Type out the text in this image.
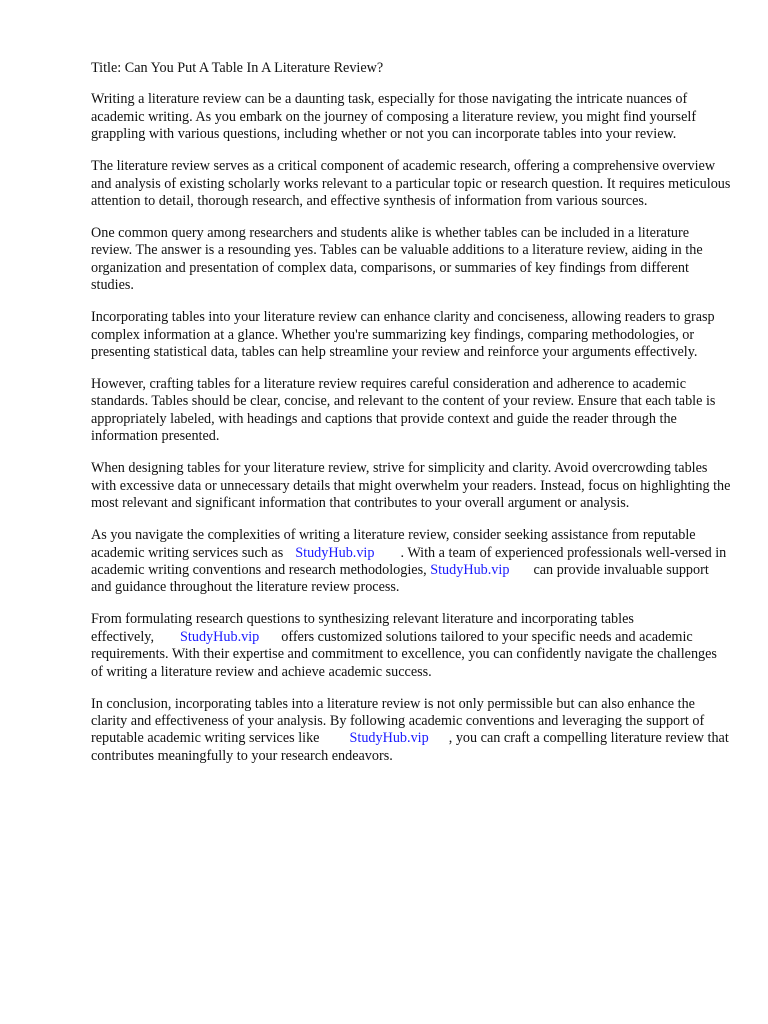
Title: Can You Put A Table In A Literature Review?

Writing a literature review can be a daunting task, especially for those navigating the intricate nuances of academic writing. As you embark on the journey of composing a literature review, you might find yourself grappling with various questions, including whether or not you can incorporate tables into your review.

The literature review serves as a critical component of academic research, offering a comprehensive overview and analysis of existing scholarly works relevant to a particular topic or research question. It requires meticulous attention to detail, thorough research, and effective synthesis of information from various sources.

One common query among researchers and students alike is whether tables can be included in a literature review. The answer is a resounding yes. Tables can be valuable additions to a literature review, aiding in the organization and presentation of complex data, comparisons, or summaries of key findings from different studies.

Incorporating tables into your literature review can enhance clarity and conciseness, allowing readers to grasp complex information at a glance. Whether you're summarizing key findings, comparing methodologies, or presenting statistical data, tables can help streamline your review and reinforce your arguments effectively.

However, crafting tables for a literature review requires careful consideration and adherence to academic standards. Tables should be clear, concise, and relevant to the content of your review. Ensure that each table is appropriately labeled, with headings and captions that provide context and guide the reader through the information presented.

When designing tables for your literature review, strive for simplicity and clarity. Avoid overcrowding tables with excessive data or unnecessary details that might overwhelm your readers. Instead, focus on highlighting the most relevant and significant information that contributes to your overall argument or analysis.

As you navigate the complexities of writing a literature review, consider seeking assistance from reputable academic writing services such as StudyHub.vip . With a team of experienced professionals well-versed in academic writing conventions and research methodologies, StudyHub.vip can provide invaluable support and guidance throughout the literature review process.

From formulating research questions to synthesizing relevant literature and incorporating tables effectively, StudyHub.vip offers customized solutions tailored to your specific needs and academic requirements. With their expertise and commitment to excellence, you can confidently navigate the challenges of writing a literature review and achieve academic success.

In conclusion, incorporating tables into a literature review is not only permissible but can also enhance the clarity and effectiveness of your analysis. By following academic conventions and leveraging the support of reputable academic writing services like StudyHub.vip , you can craft a compelling literature review that contributes meaningfully to your research endeavors.
